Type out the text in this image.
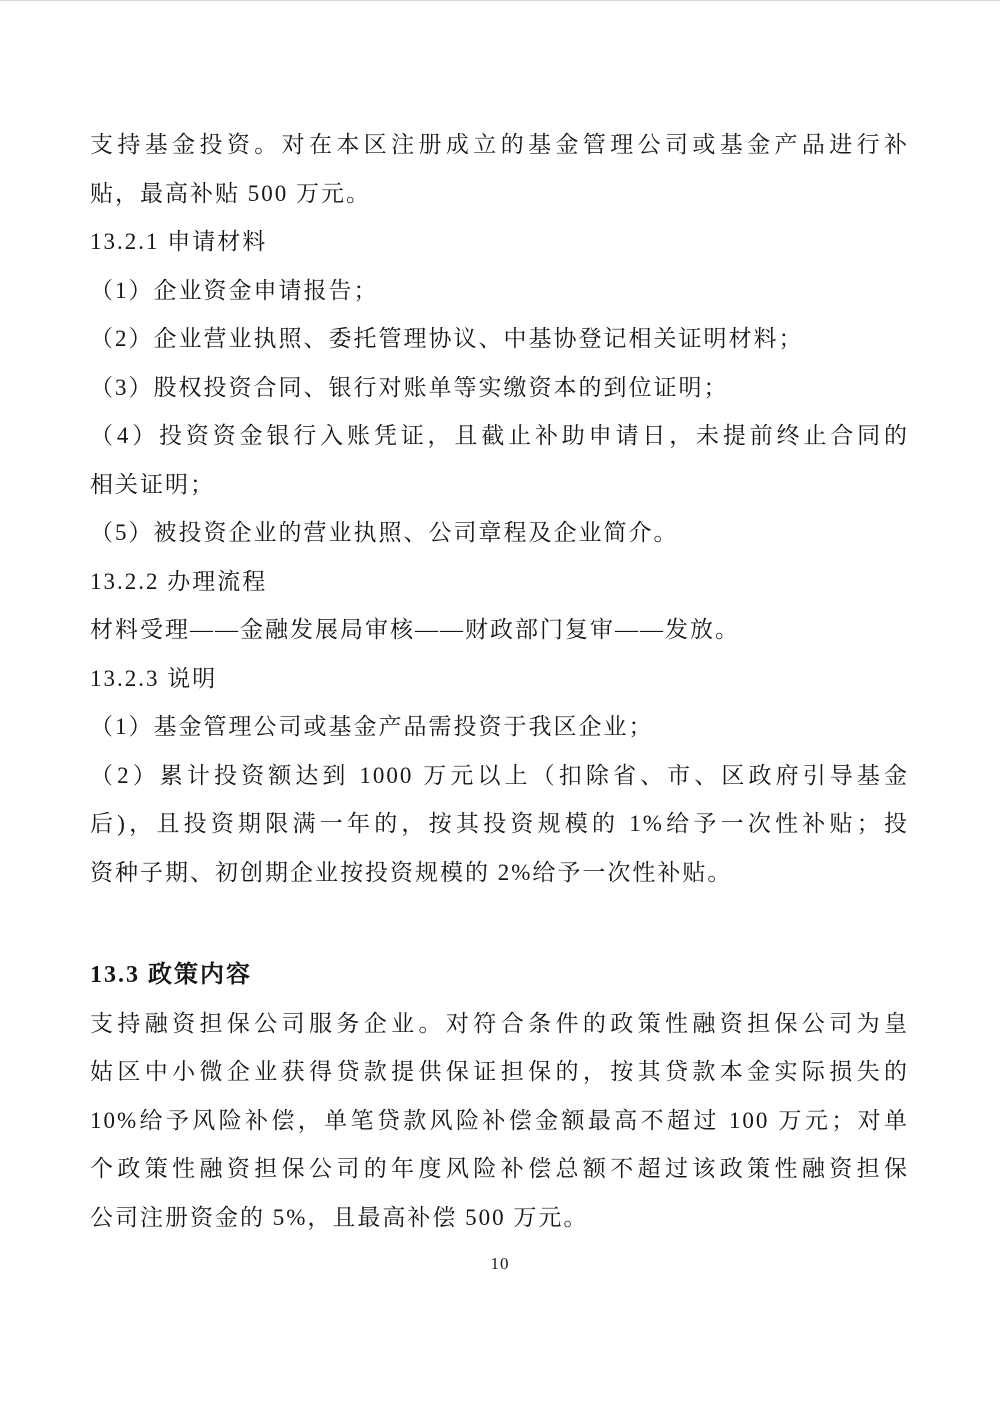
支持基金投资。对在本区注册成立的基金管理公司或基金产品进行补
贴，最高补贴 500 万元。
13.2.1 申请材料
（1）企业资金申请报告；
（2）企业营业执照、委托管理协议、中基协登记相关证明材料；
（3）股权投资合同、银行对账单等实缴资本的到位证明；
（4）投资资金银行入账凭证，且截止补助申请日，未提前终止合同的
相关证明；
（5）被投资企业的营业执照、公司章程及企业简介。
13.2.2 办理流程
材料受理——金融发展局审核——财政部门复审——发放。
13.2.3 说明
（1）基金管理公司或基金产品需投资于我区企业；
（2）累计投资额达到 1000 万元以上（扣除省、市、区政府引导基金
后)，且投资期限满一年的，按其投资规模的 1%给予一次性补贴；投
资种子期、初创期企业按投资规模的 2%给予一次性补贴。
13.3 政策内容
支持融资担保公司服务企业。对符合条件的政策性融资担保公司为皇
姑区中小微企业获得贷款提供保证担保的，按其贷款本金实际损失的
10%给予风险补偿，单笔贷款风险补偿金额最高不超过 100 万元；对单
个政策性融资担保公司的年度风险补偿总额不超过该政策性融资担保
公司注册资金的 5%，且最高补偿 500 万元。
10
